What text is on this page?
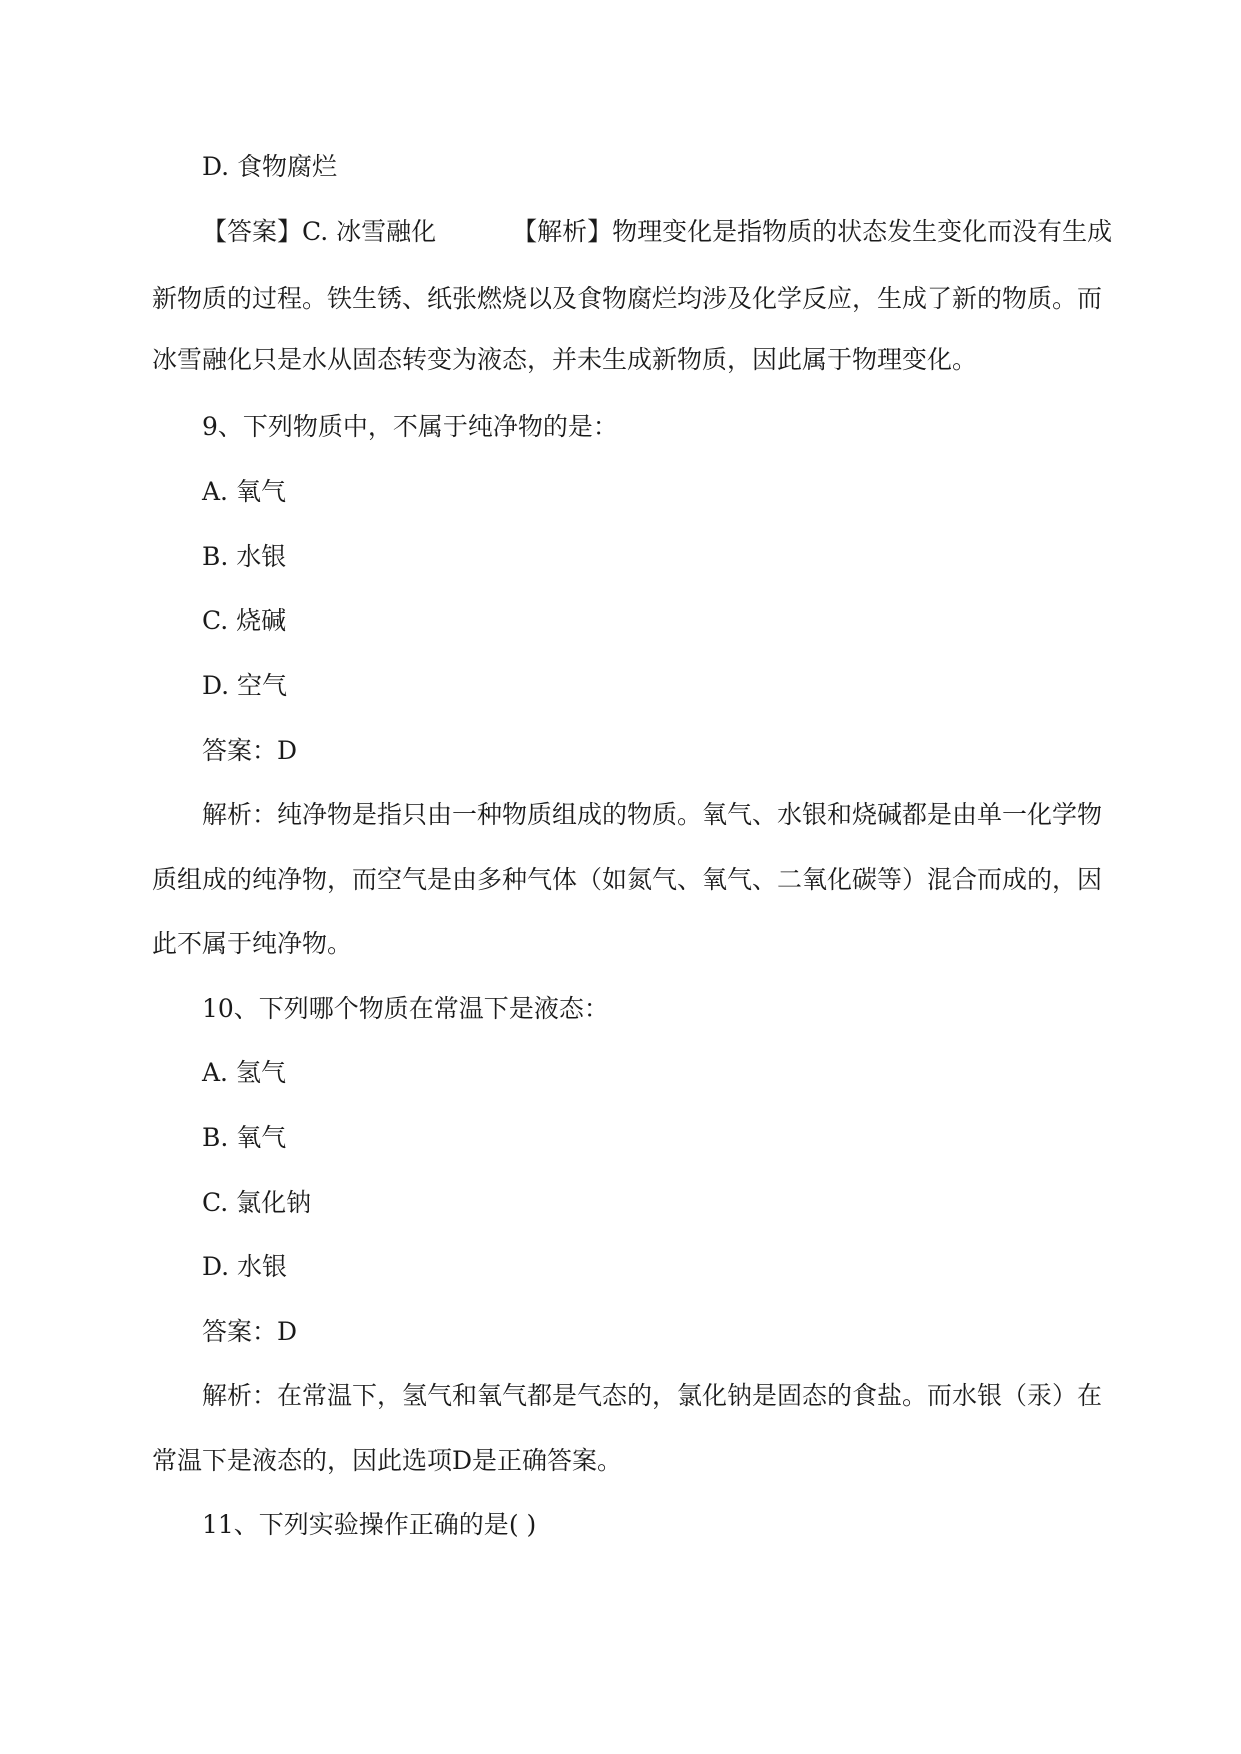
D. 食物腐烂
【答案】C. 冰雪融化	【解析】物理变化是指物质的状态发生变化而没有生成
新物质的过程。铁生锈、纸张燃烧以及食物腐烂均涉及化学反应，生成了新的物质。而
冰雪融化只是水从固态转变为液态，并未生成新物质，因此属于物理变化。
9、下列物质中，不属于纯净物的是：
A. 氧气
B. 水银
C. 烧碱
D. 空气
答案：D
解析：纯净物是指只由一种物质组成的物质。氧气、水银和烧碱都是由单一化学物
质组成的纯净物，而空气是由多种气体（如氮气、氧气、二氧化碳等）混合而成的，因
此不属于纯净物。
10、下列哪个物质在常温下是液态：
A. 氢气
B. 氧气
C. 氯化钠
D. 水银
答案：D
解析：在常温下，氢气和氧气都是气态的，氯化钠是固态的食盐。而水银（汞）在
常温下是液态的，因此选项D是正确答案。
11、下列实验操作正确的是( )
